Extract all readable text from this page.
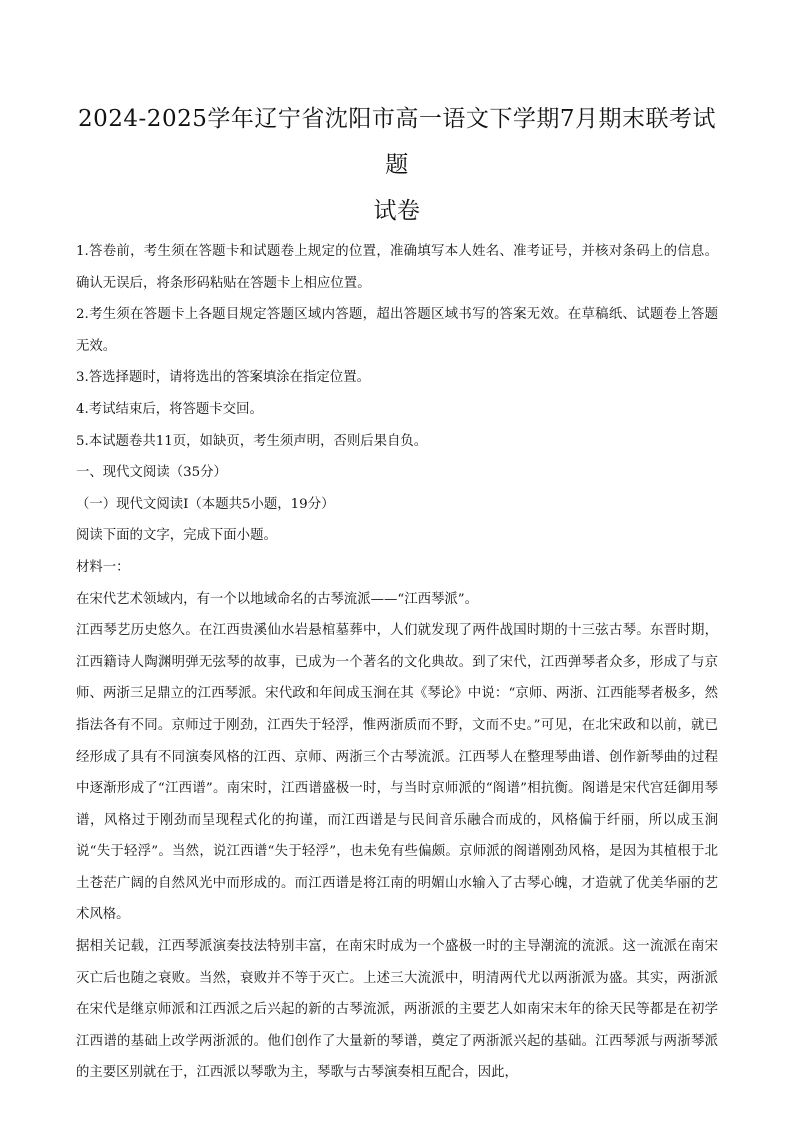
2024-2025学年辽宁省沈阳市高一语文下学期7月期末联考试题
试卷

1.答卷前，考生须在答题卡和试题卷上规定的位置，准确填写本人姓名、准考证号，并核对条码上的信息。确认无误后，将条形码粘贴在答题卡上相应位置。

2.考生须在答题卡上各题目规定答题区域内答题，超出答题区域书写的答案无效。在草稿纸、试题卷上答题无效。

3.答选择题时，请将选出的答案填涂在指定位置。

4.考试结束后，将答题卡交回。

5.本试题卷共11页，如缺页，考生须声明，否则后果自负。

一、现代文阅读（35分）

（一）现代文阅读Ⅰ（本题共5小题，19分）

阅读下面的文字，完成下面小题。

材料一：

在宋代艺术领域内，有一个以地域命名的古琴流派——“江西琴派”。

江西琴艺历史悠久。在江西贵溪仙水岩悬棺墓葬中，人们就发现了两件战国时期的十三弦古琴。东晋时期，江西籍诗人陶渊明弹无弦琴的故事，已成为一个著名的文化典故。到了宋代，江西弹琴者众多，形成了与京师、两浙三足鼎立的江西琴派。宋代政和年间成玉涧在其《琴论》中说：“京师、两浙、江西能琴者极多，然指法各有不同。京师过于刚劲，江西失于轻浮，惟两浙质而不野，文而不史。”可见，在北宋政和以前，就已经形成了具有不同演奏风格的江西、京师、两浙三个古琴流派。江西琴人在整理琴曲谱、创作新琴曲的过程中逐渐形成了“江西谱”。南宋时，江西谱盛极一时，与当时京师派的“阁谱”相抗衡。阁谱是宋代宫廷御用琴谱，风格过于刚劲而呈现程式化的拘谨，而江西谱是与民间音乐融合而成的，风格偏于纤丽，所以成玉涧说“失于轻浮”。当然，说江西谱“失于轻浮”，也未免有些偏颇。京师派的阁谱刚劲风格，是因为其植根于北土苍茫广阔的自然风光中而形成的。而江西谱是将江南的明媚山水输入了古琴心魄，才造就了优美华丽的艺术风格。

据相关记载，江西琴派演奏技法特别丰富，在南宋时成为一个盛极一时的主导潮流的流派。这一流派在南宋灭亡后也随之衰败。当然，衰败并不等于灭亡。上述三大流派中，明清两代尤以两浙派为盛。其实，两浙派在宋代是继京师派和江西派之后兴起的新的古琴流派，两浙派的主要艺人如南宋末年的徐天民等都是在初学江西谱的基础上改学两浙派的。他们创作了大量新的琴谱，奠定了两浙派兴起的基础。江西琴派与两浙琴派的主要区别就在于，江西派以琴歌为主，琴歌与古琴演奏相互配合，因此，
